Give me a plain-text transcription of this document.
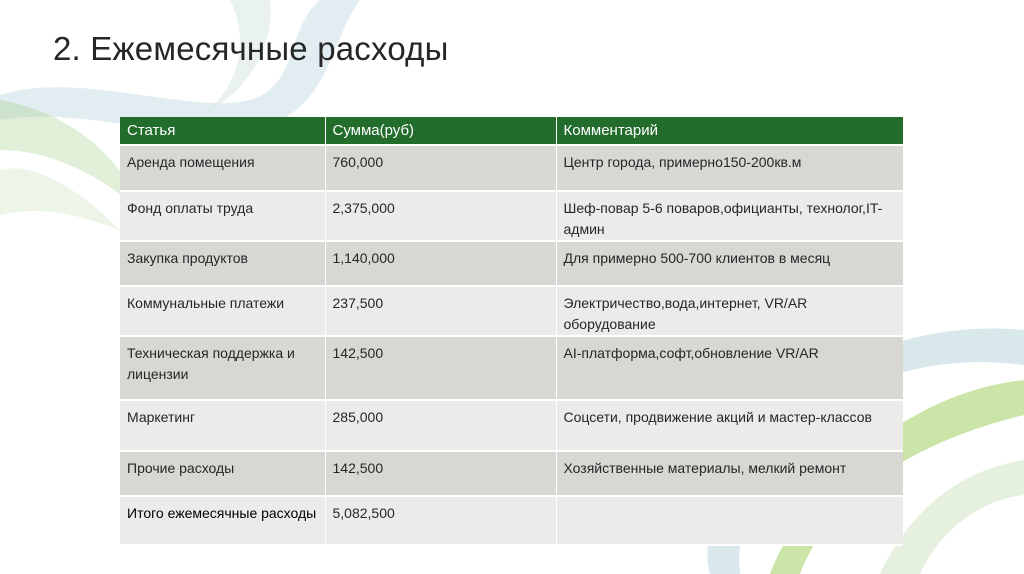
2. Ежемесячные расходы
Статья	Сумма(руб)	Комментарий
Аренда помещения	760,000	Центр города, примерно150-200кв.м
Фонд оплаты труда	2,375,000	Шеф-повар 5-6 поваров,официанты, технолог,IT-админ
Закупка продуктов	1,140,000	Для примерно 500-700 клиентов в месяц
Коммунальные платежи	237,500	Электричество,вода,интернет, VR/AR оборудование
Техническая поддержка и лицензии	142,500	AI-платформа,софт,обновление VR/AR
Маркетинг	285,000	Соцсети, продвижение акций и мастер-классов
Прочие расходы	142,500	Хозяйственные материалы, мелкий ремонт
Итого ежемесячные расходы	5,082,500	
